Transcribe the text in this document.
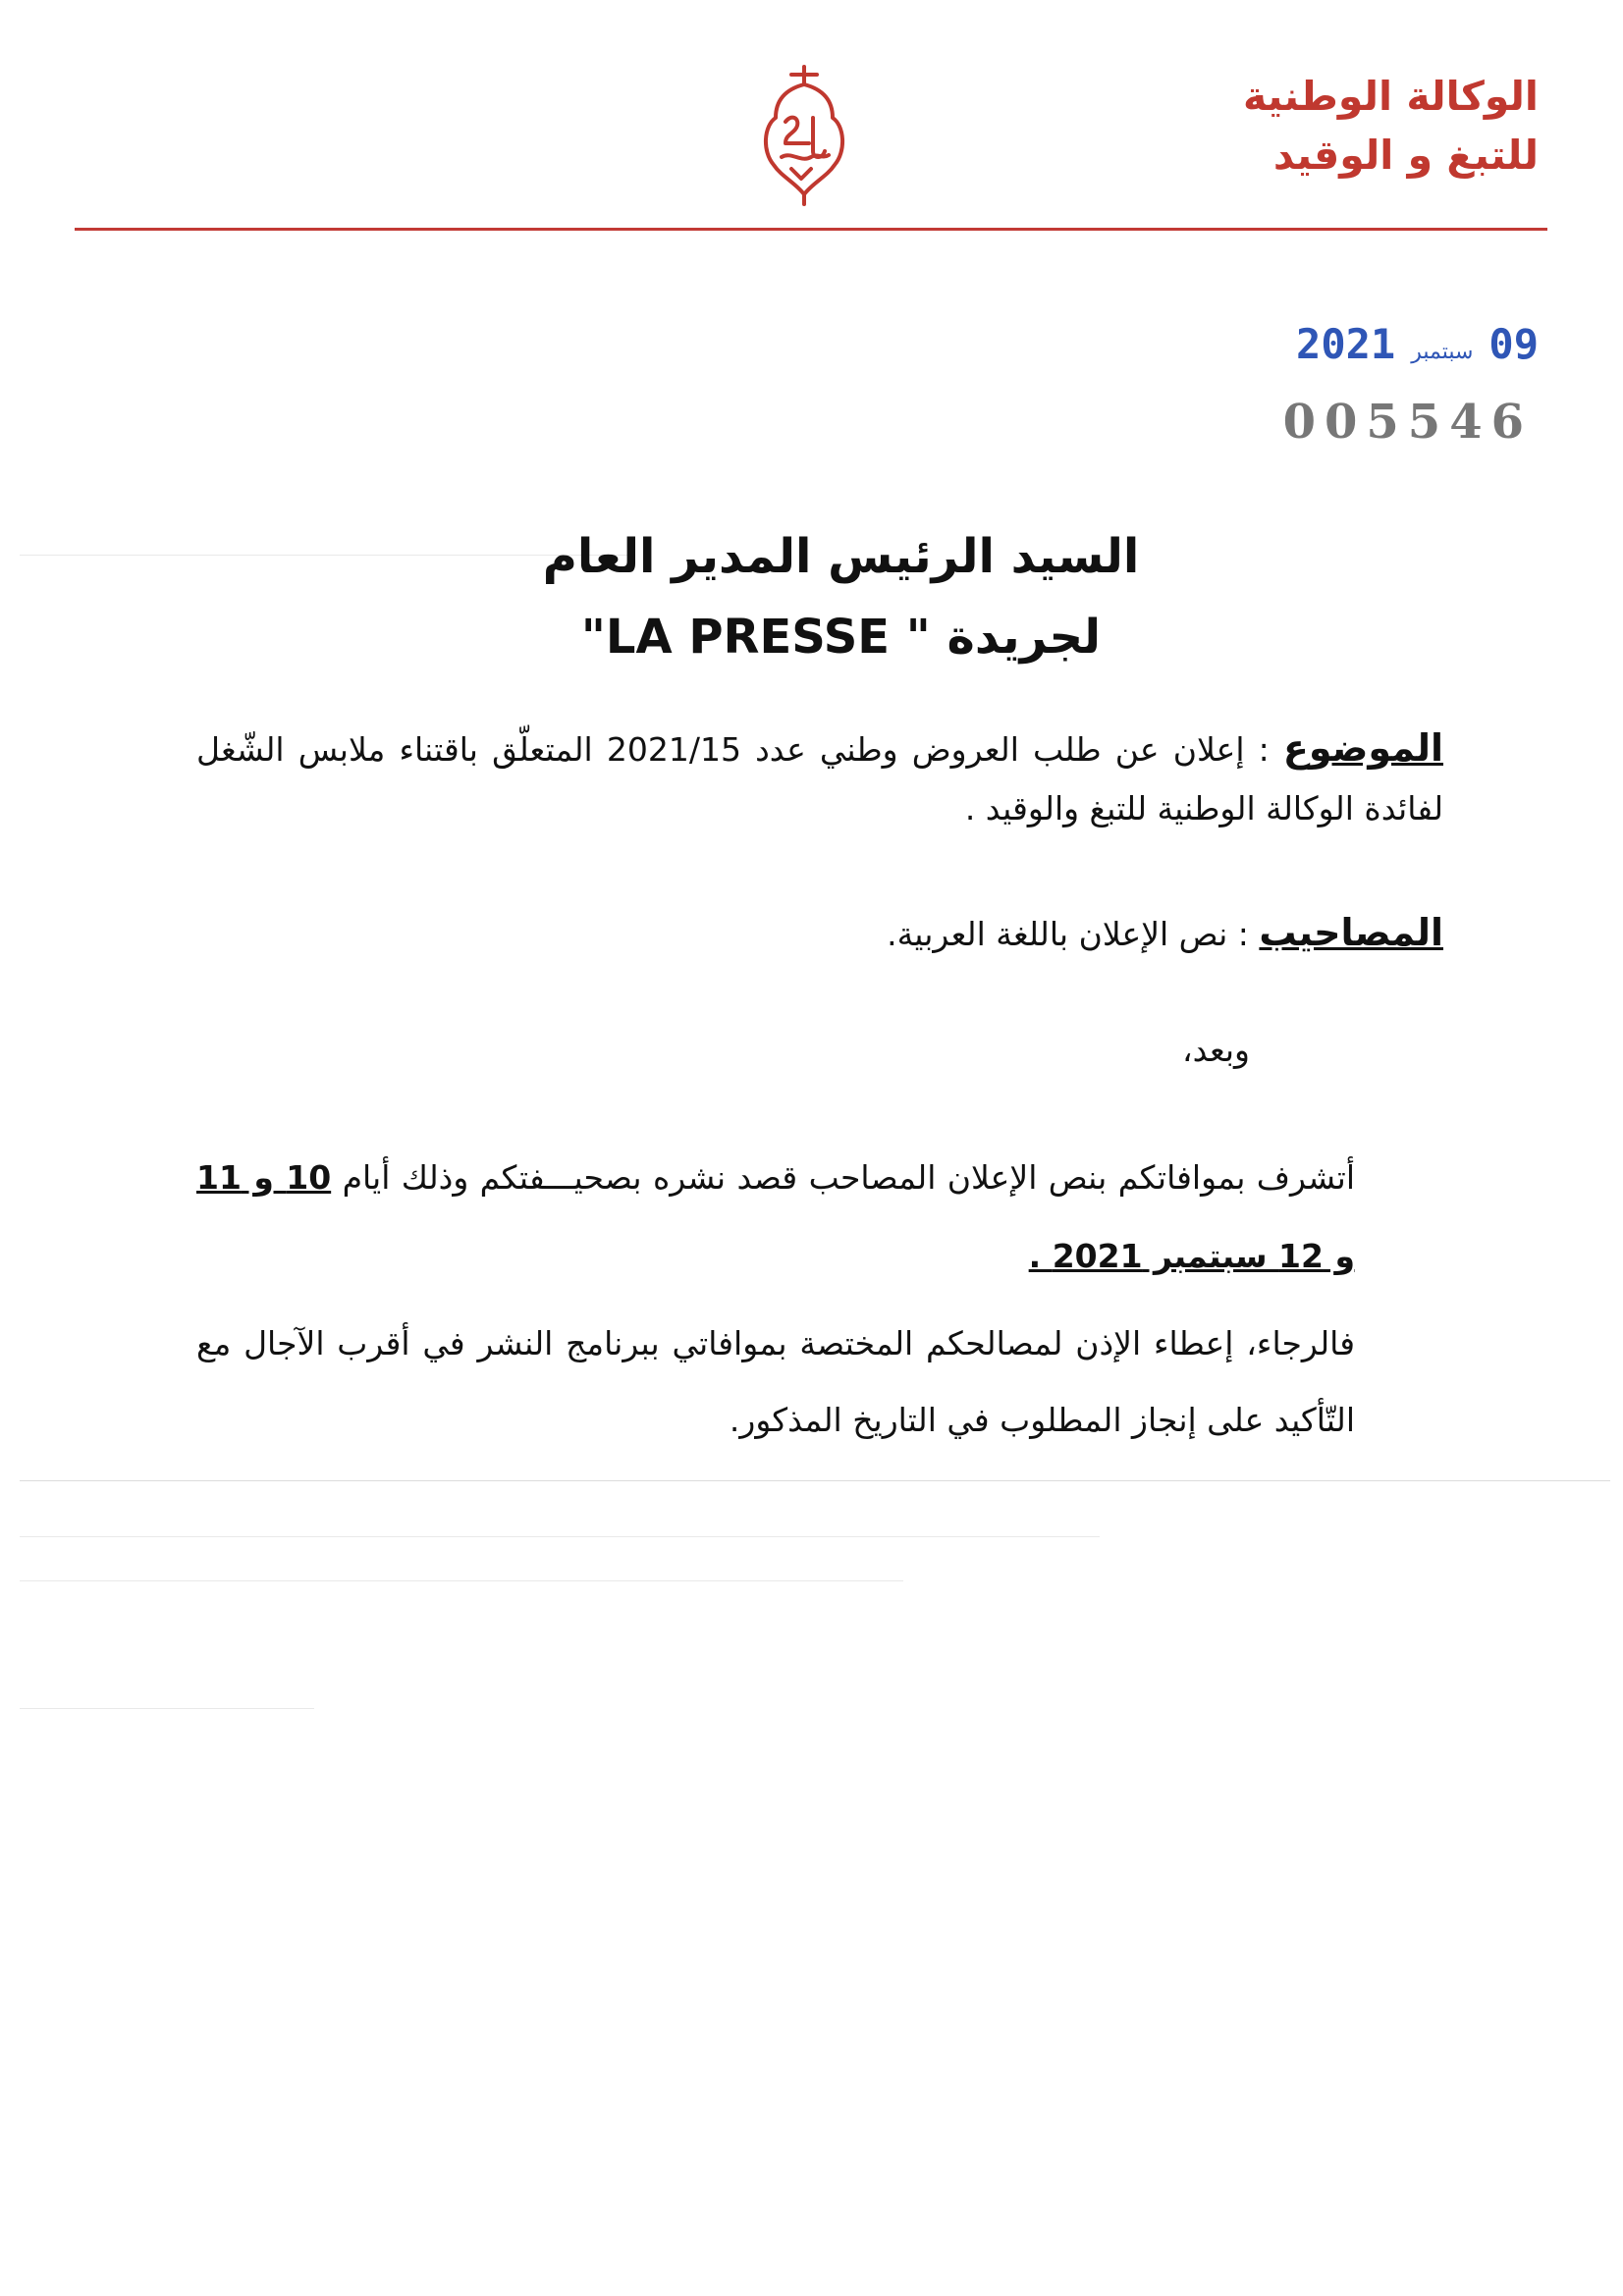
الوكالة الوطنية
للتبغ و الوقيد
2021 سبتمبر 09
005546
السيد الرئيس المدير العام
لجريدة " LA PRESSE"
الموضوع : إعلان عن طلب العروض وطني عدد 2021/15 المتعلّق باقتناء ملابس الشّغل لفائدة الوكالة الوطنية للتبغ والوقيد .
المصاحيب : نص الإعلان باللغة العربية.
وبعد،
أتشرف بموافاتكم بنص الإعلان المصاحب قصد نشره بصحيـــفتكم وذلك أيام 10 و 11 و 12 سبتمبر 2021 .
فالرجاء، إعطاء الإذن لمصالحكم المختصة بموافاتي ببرنامج النشر في أقرب الآجال مع التّأكيد على إنجاز المطلوب في التاريخ المذكور.
